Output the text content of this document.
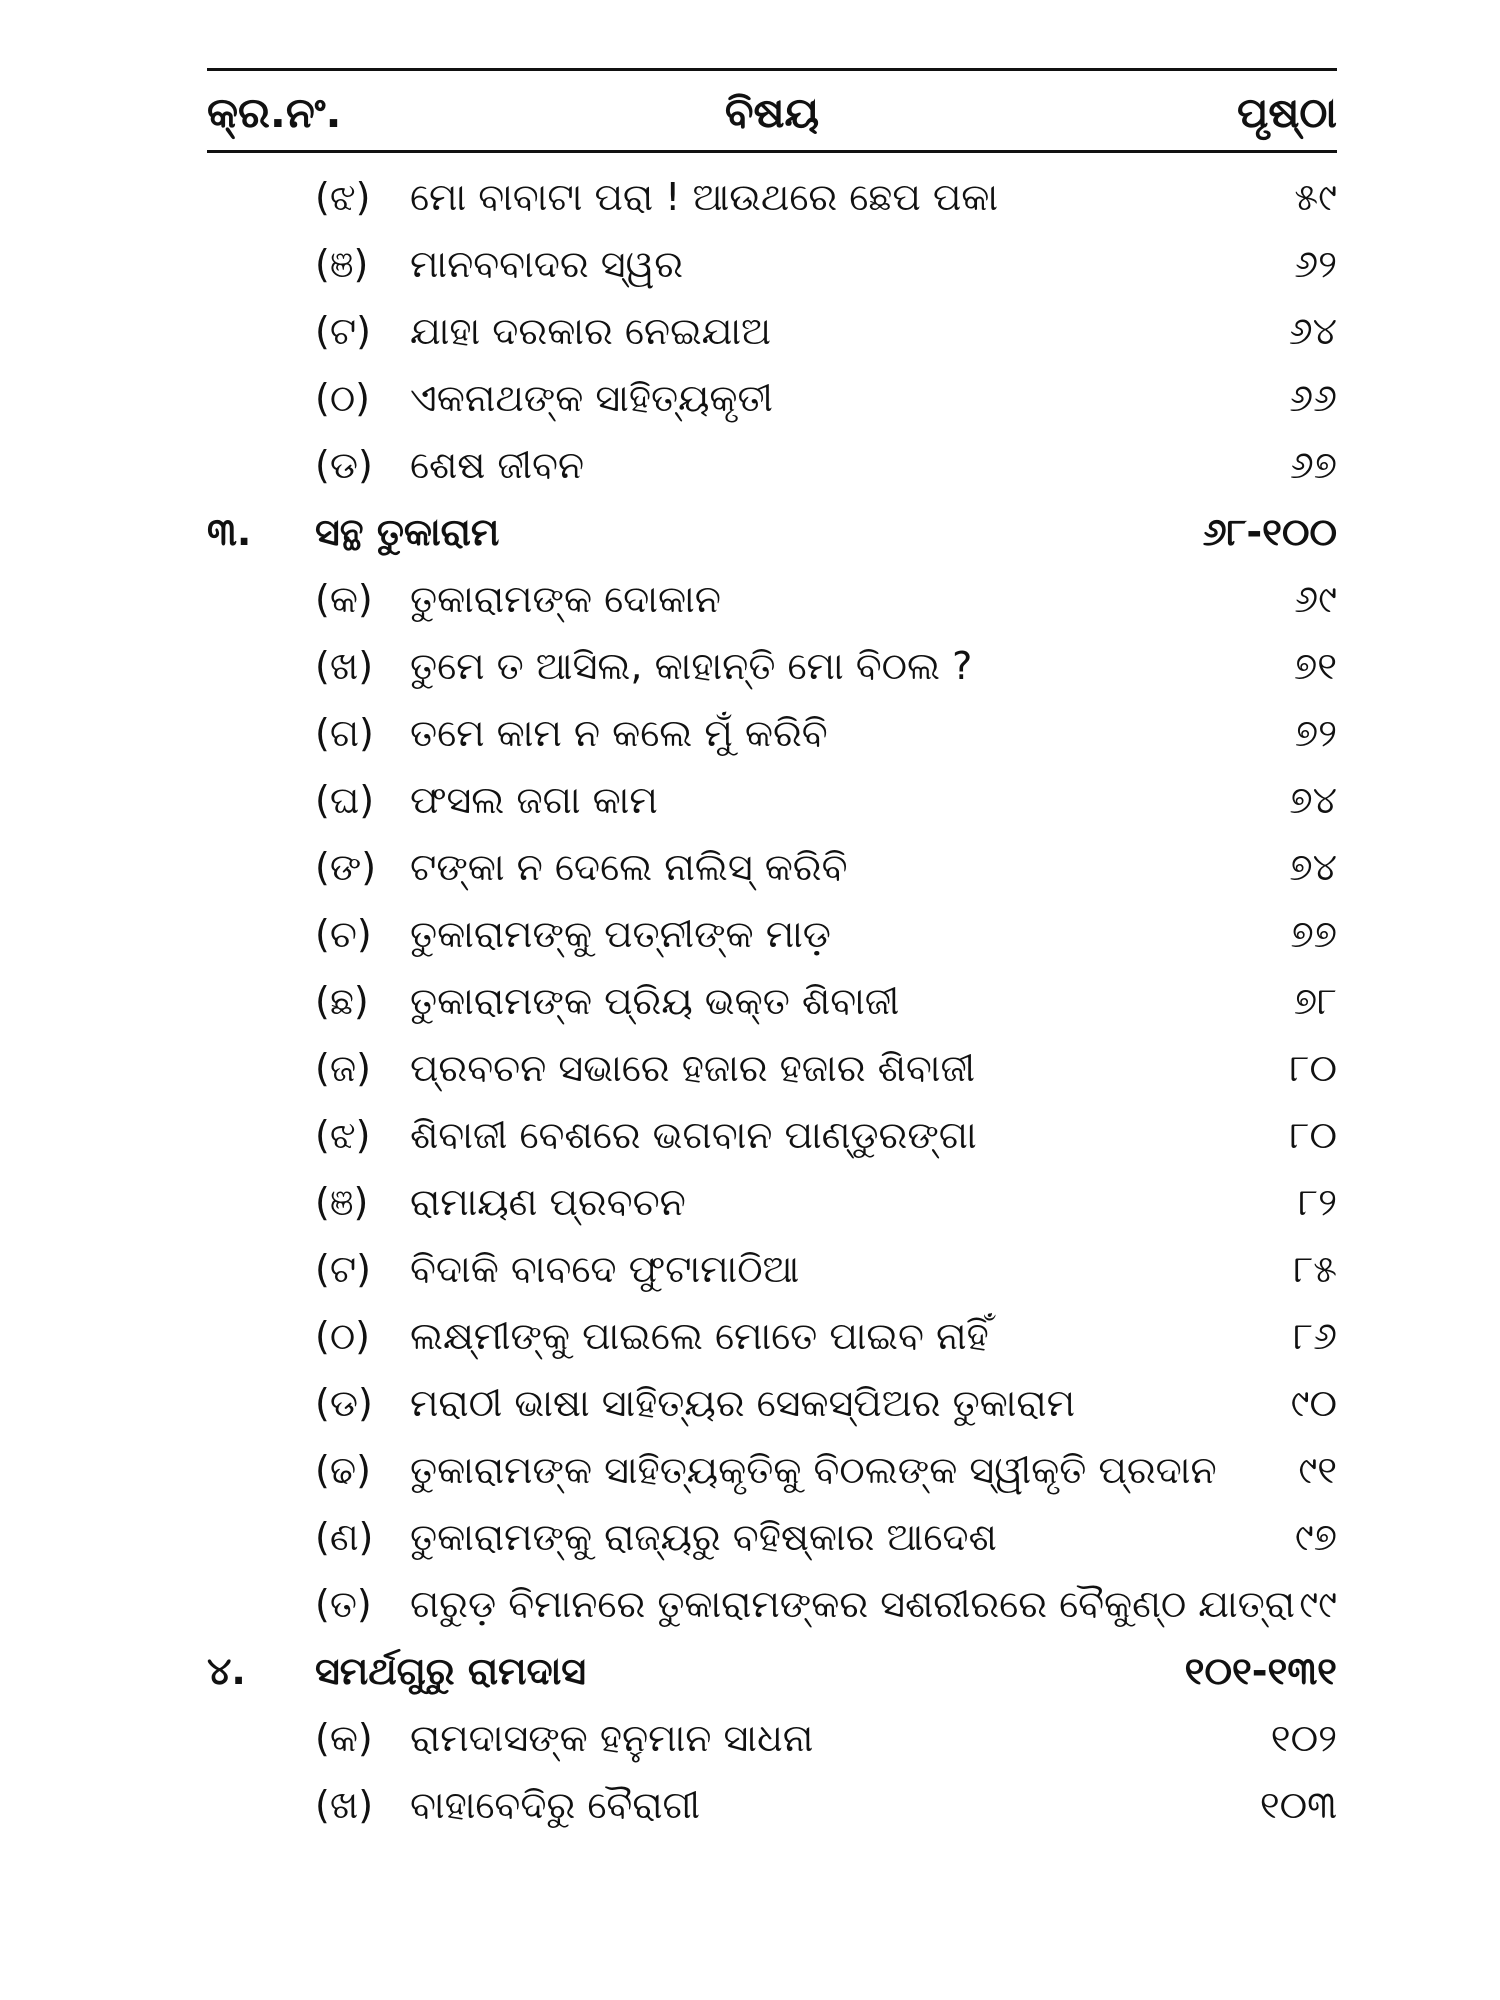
କ୍ର.ନଂ.	ବିଷୟ	ପୃଷ୍ଠା
(ଝ) ମୋ ବାବାଟା ପରା ! ଆଉଥରେ ଛେପ ପକା	୫୯
(ଞ) ମାନବବାଦର ସ୍ୱର	୬୨
(ଟ) ଯାହା ଦରକାର ନେଇଯାଅ	୬୪
(ଠ) ଏକନାଥଙ୍କ ସାହିତ୍ୟକୃତୀ	୬୬
(ଡ) ଶେଷ ଜୀବନ	୬୭
୩. ସନ୍ଥ ତୁକାରାମ	୬୮-୧୦୦
(କ) ତୁକାରାମଙ୍କ ଦୋକାନ	୬୯
(ଖ) ତୁମେ ତ ଆସିଲ, କାହାନ୍ତି ମୋ ବିଠଲ ?	୭୧
(ଗ) ତମେ କାମ ନ କଲେ ମୁଁ କରିବି	୭୨
(ଘ) ଫସଲ ଜଗା କାମ	୭୪
(ଙ) ଟଙ୍କା ନ ଦେଲେ ନାଲିସ୍ କରିବି	୭୪
(ଚ) ତୁକାରାମଙ୍କୁ ପତ୍ନୀଙ୍କ ମାଡ଼	୭୭
(ଛ) ତୁକାରାମଙ୍କ ପ୍ରିୟ ଭକ୍ତ ଶିବାଜୀ	୭୮
(ଜ) ପ୍ରବଚନ ସଭାରେ ହଜାର ହଜାର ଶିବାଜୀ	୮୦
(ଝ) ଶିବାଜୀ ବେଶରେ ଭଗବାନ ପାଣ୍ଡୁରଙ୍ଗା	୮୦
(ଞ) ରାମାୟଣ ପ୍ରବଚନ	୮୨
(ଟ) ବିଦାକି ବାବଦେ ଫୁଟାମାଠିଆ	୮୫
(ଠ) ଲକ୍ଷ୍ମୀଙ୍କୁ ପାଇଲେ ମୋତେ ପାଇବ ନାହିଁ	୮୬
(ଡ) ମରାଠୀ ଭାଷା ସାହିତ୍ୟର ସେକସ୍‌ପିଅର ତୁକାରାମ	୯୦
(ଢ) ତୁକାରାମଙ୍କ ସାହିତ୍ୟକୃତିକୁ ବିଠଲଙ୍କ ସ୍ୱୀକୃତି ପ୍ରଦାନ ୯୧
(ଣ) ତୁକାରାମଙ୍କୁ ରାଜ୍ୟରୁ ବହିଷ୍କାର ଆଦେଶ	୯୭
(ତ) ଗରୁଡ଼ ବିମାନରେ ତୁକାରାମଙ୍କର ସଶରୀରରେ ବୈକୁଣ୍ଠ ଯାତ୍ରା ୯୯
୪. ସମର୍ଥଗୁରୁ ରାମଦାସ	୧୦୧-୧୩୧
(କ) ରାମଦାସଙ୍କ ହନୁମାନ ସାଧନା	୧୦୨
(ଖ) ବାହାବେଦିରୁ ବୈରାଗୀ	୧୦୩
